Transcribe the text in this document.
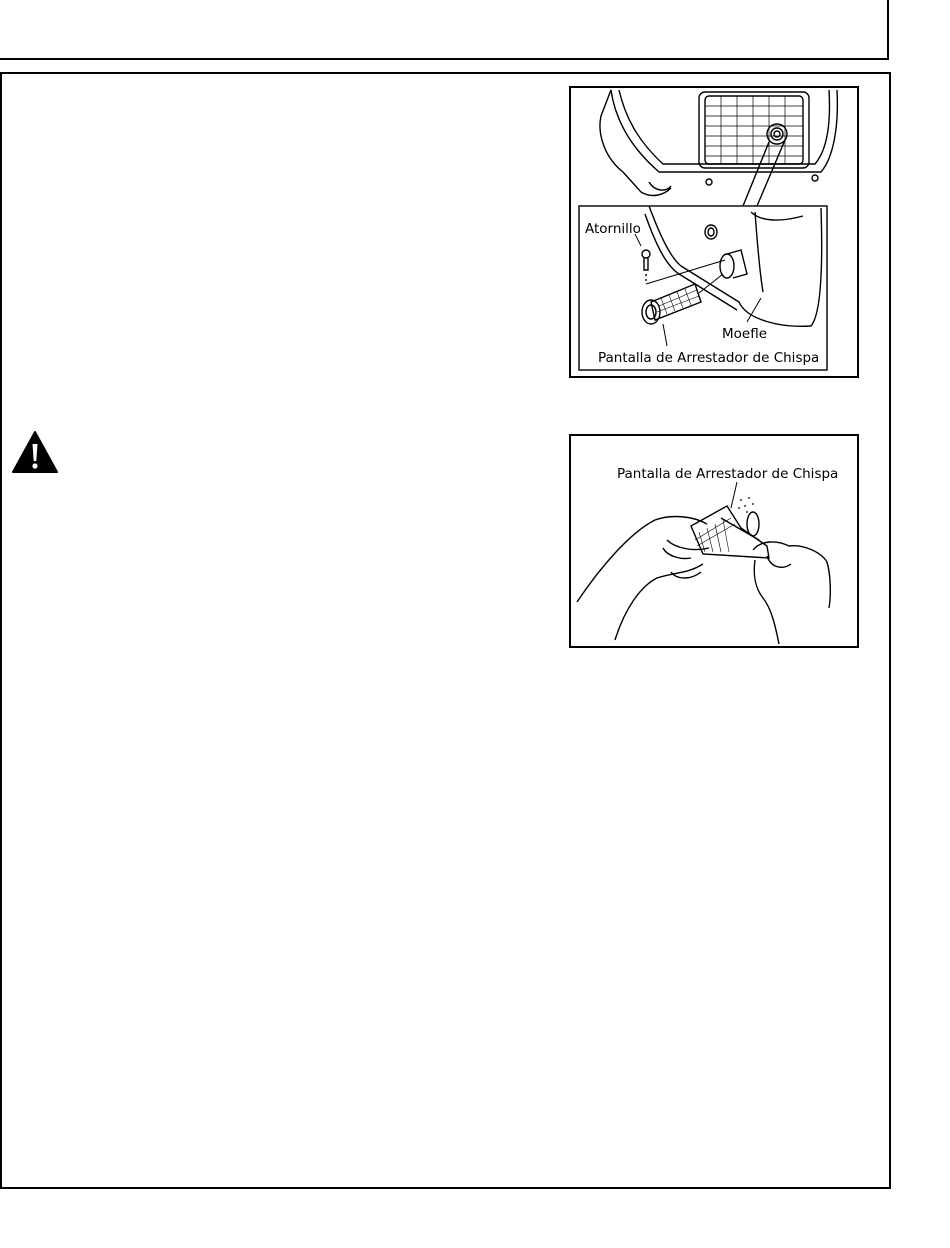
Atornillo
Moefle
Pantalla de Arrestador de Chispa
Pantalla de Arrestador de Chispa
